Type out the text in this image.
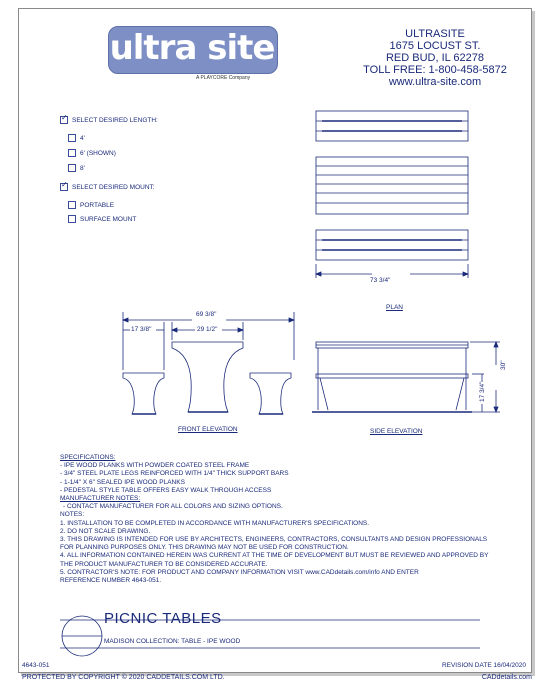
ultra site
A PLAYCORE Company
ULTRASITE
1675 LOCUST ST.
RED BUD, IL 62278
TOLL FREE: 1-800-458-5872
www.ultra-site.com
✓
SELECT DESIRED LENGTH:
4'
6' (SHOWN)
8'
✓
SELECT DESIRED MOUNT:
PORTABLE
SURFACE MOUNT
73 3/4"
PLAN
69 3/8"
17 3/8"	29 1/2"
FRONT ELEVATION
30"
17 3/4"
SIDE ELEVATION
SPECIFICATIONS:
- IPE WOOD PLANKS WITH POWDER COATED STEEL FRAME
- 3/4" STEEL PLATE LEGS REINFORCED WITH 1/4" THICK SUPPORT BARS
- 1-1/4" X 6" SEALED IPE WOOD PLANKS
- PEDESTAL STYLE TABLE OFFERS EASY WALK THROUGH ACCESS
MANUFACTURER NOTES:
- CONTACT MANUFACTURER FOR ALL COLORS AND SIZING OPTIONS.
NOTES:
1. INSTALLATION TO BE COMPLETED IN ACCORDANCE WITH MANUFACTURER'S SPECIFICATIONS.
2. DO NOT SCALE DRAWING.
3. THIS DRAWING IS INTENDED FOR USE BY ARCHITECTS, ENGINEERS, CONTRACTORS, CONSULTANTS AND DESIGN PROFESSIONALS
FOR PLANNING PURPOSES ONLY. THIS DRAWING MAY NOT BE USED FOR CONSTRUCTION.
4. ALL INFORMATION CONTAINED HEREIN WAS CURRENT AT THE TIME OF DEVELOPMENT BUT MUST BE REVIEWED AND APPROVED BY
THE PRODUCT MANUFACTURER TO BE CONSIDERED ACCURATE.
5. CONTRACTOR'S NOTE: FOR PRODUCT AND COMPANY INFORMATION VISIT www.CADdetails.com/info AND ENTER
REFERENCE NUMBER 4643-051.
PICNIC TABLES
MADISON COLLECTION: TABLE - IPE WOOD
4643-051	REVISION DATE 16/04/2020
PROTECTED BY COPYRIGHT © 2020 CADDETAILS.COM LTD.	CADdetails.com
